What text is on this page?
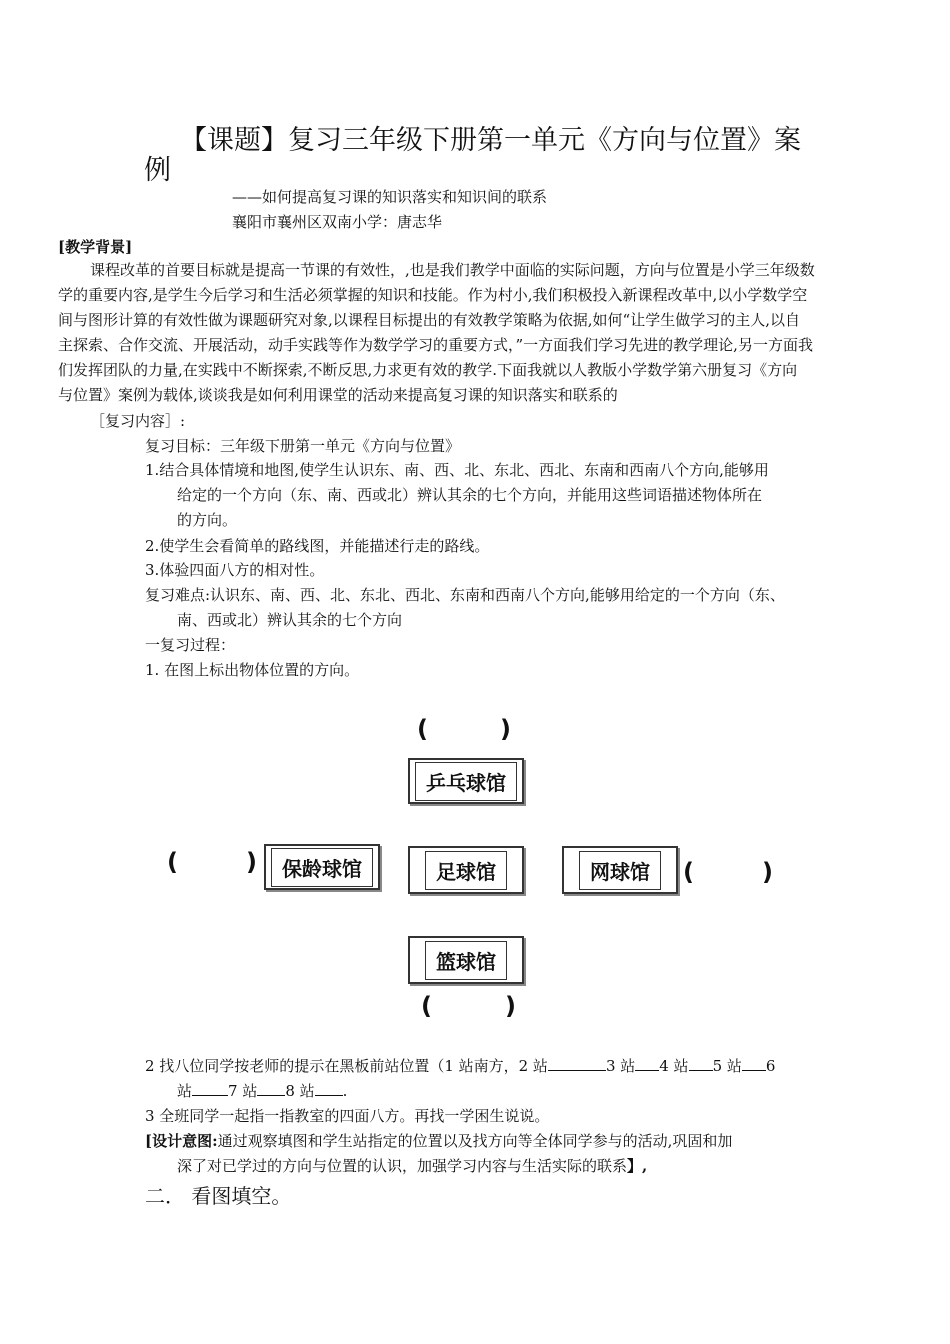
【课题】复习三年级下册第一单元《方向与位置》案
例
——如何提高复习课的知识落实和知识间的联系
襄阳市襄州区双南小学：唐志华
[教学背景]
课程改革的首要目标就是提高一节课的有效性，,也是我们教学中面临的实际问题，方向与位置是小学三年级数
学的重要内容,是学生今后学习和生活必须掌握的知识和技能。作为村小,我们积极投入新课程改革中,以小学数学空
间与图形计算的有效性做为课题研究对象,以课程目标提出的有效教学策略为依据,如何“让学生做学习的主人,以自
主探索、合作交流、开展活动，动手实践等作为数学学习的重要方式，”一方面我们学习先进的教学理论,另一方面我
们发挥团队的力量,在实践中不断探索,不断反思,力求更有效的教学.下面我就以人教版小学数学第六册复习《方向
与位置》案例为载体,谈谈我是如何利用课堂的活动来提高复习课的知识落实和联系的
［复习内容］:
复习目标：三年级下册第一单元《方向与位置》
1.结合具体情境和地图,使学生认识东、南、西、北、东北、西北、东南和西南八个方向,能够用
给定的一个方向（东、南、西或北）辨认其余的七个方向，并能用这些词语描述物体所在
的方向。
2.使学生会看简单的路线图，并能描述行走的路线。
3.体验四面八方的相对性。
复习难点:认识东、南、西、北、东北、西北、东南和西南八个方向,能够用给定的一个方向（东、
南、西或北）辨认其余的七个方向
一复习过程：
1. 在图上标出物体位置的方向。
(	)
乒乓球馆
(	)	保龄球馆	足球馆	网球馆	(	)
篮球馆
(	)
2 找八位同学按老师的提示在黑板前站位置（1 站南方，2 站	3 站 4 站 5 站 6
站 7 站 8 站 .
3 全班同学一起指一指教室的四面八方。再找一学困生说说。
[设计意图:通过观察填图和学生站指定的位置以及找方向等全体同学参与的活动,巩固和加
深了对已学过的方向与位置的认识，加强学习内容与生活实际的联系】,
二． 看图填空。
